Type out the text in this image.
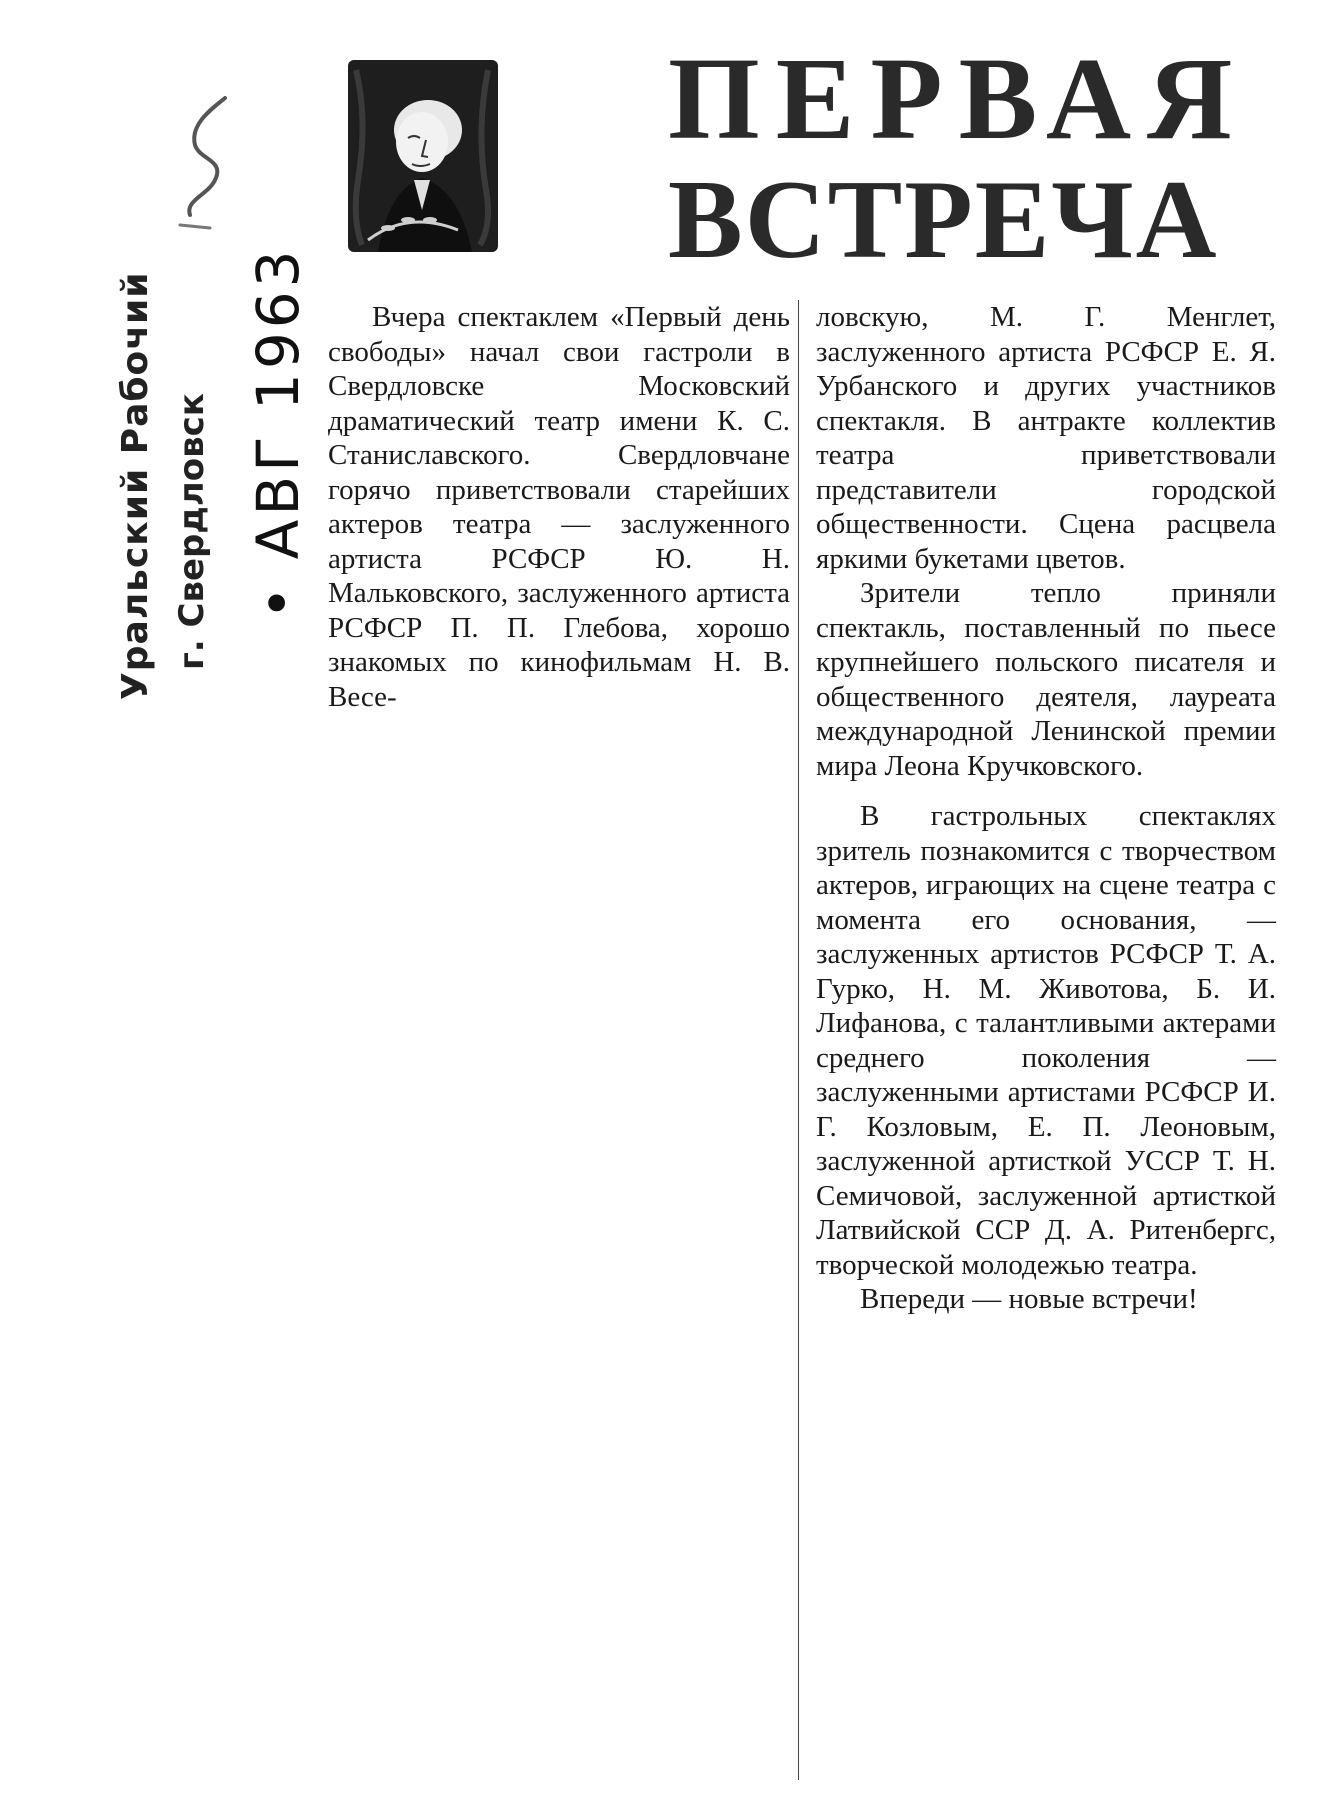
Уральский Рабочий г. Свердловск • АВГ 1963
ПЕРВАЯ
ВСТРЕЧА

Вчера спектаклем «Первый день свободы» начал свои гастроли в Свердловске Московский драматический театр имени К. С. Станиславского. Свердловчане горячо приветствовали старейших актеров театра — заслуженного артиста РСФСР Ю. Н. Мальковского, заслуженного артиста РСФСР П. П. Глебова, хорошо знакомых по кинофильмам Н. В. Весе-

ловскую, М. Г. Менглет, заслуженного артиста РСФСР Е. Я. Урбанского и других участников спектакля. В антракте коллектив театра приветствовали представители городской общественности. Сцена расцвела яркими букетами цветов.

Зрители тепло приняли спектакль, поставленный по пьесе крупнейшего польского писателя и общественного деятеля, лауреата международной Ленинской премии мира Леона Кручковского.

В гастрольных спектаклях зритель познакомится с творчеством актеров, играющих на сцене театра с момента его основания, — заслуженных артистов РСФСР Т. А. Гурко, Н. М. Животова, Б. И. Лифанова, с талантливыми актерами среднего поколения — заслуженными артистами РСФСР И. Г. Козловым, Е. П. Леоновым, заслуженной артисткой УССР Т. Н. Семичовой, заслуженной артисткой Латвийской ССР Д. А. Ритенбергс, творческой молодежью театра.

Впереди — новые встречи!
